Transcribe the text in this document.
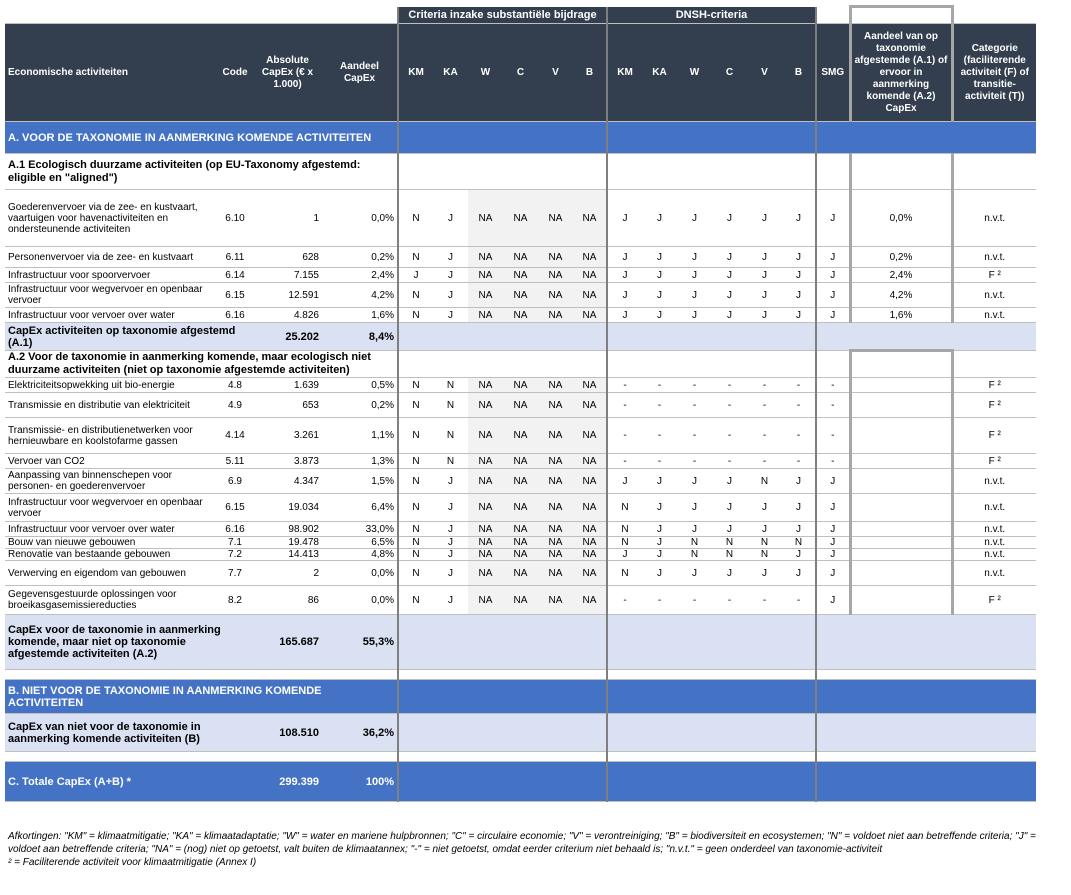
				Criteria inzake substantiële bijdrage						DNSH-criteria								
Economische activiteiten	Code	Absolute CapEx (€ x 1.000)	Aandeel CapEx	KM	KA	W	C	V	B	KM	KA	W	C	V	B	SMG	Aandeel van op taxonomie afgestemde (A.1) of ervoor in aanmerking komende (A.2) CapEx	Categorie (faciliterende activiteit (F) of transitie-activiteit (T))
A. VOOR DE TAXONOMIE IN AANMERKING KOMENDE ACTIVITEITEN																		
A.1 Ecologisch duurzame activiteiten (op EU-Taxonomy afgestemd: eligible en "aligned")																		
Goederenvervoer via de zee- en kustvaart, vaartuigen voor havenactiviteiten en ondersteunende activiteiten	6.10	1	0,0%	N	J	NA	NA	NA	NA	J	J	J	J	J	J	J	0,0%	n.v.t.
Personenvervoer via de zee- en kustvaart	6.11	628	0,2%	N	J	NA	NA	NA	NA	J	J	J	J	J	J	J	0,2%	n.v.t.
Infrastructuur voor spoorvervoer	6.14	7.155	2,4%	J	J	NA	NA	NA	NA	J	J	J	J	J	J	J	2,4%	F ²
Infrastructuur voor wegvervoer en openbaar vervoer	6.15	12.591	4,2%	N	J	NA	NA	NA	NA	J	J	J	J	J	J	J	4,2%	n.v.t.
Infrastructuur voor vervoer over water	6.16	4.826	1,6%	N	J	NA	NA	NA	NA	J	J	J	J	J	J	J	1,6%	n.v.t.
CapEx activiteiten op taxonomie afgestemd (A.1)		25.202	8,4%															
A.2 Voor de taxonomie in aanmerking komende, maar ecologisch niet duurzame activiteiten (niet op taxonomie afgestemde activiteiten)																		
Elektriciteitsopwekking uit bio-energie	4.8	1.639	0,5%	N	N	NA	NA	NA	NA	-	-	-	-	-	-	-		F ²
Transmissie en distributie van elektriciteit	4.9	653	0,2%	N	N	NA	NA	NA	NA	-	-	-	-	-	-	-		F ²
Transmissie- en distributienetwerken voor hernieuwbare en koolstofarme gassen	4.14	3.261	1,1%	N	N	NA	NA	NA	NA	-	-	-	-	-	-	-		F ²
Vervoer van CO2	5.11	3.873	1,3%	N	N	NA	NA	NA	NA	-	-	-	-	-	-	-		F ²
Aanpassing van binnenschepen voor personen- en goederenvervoer	6.9	4.347	1,5%	N	J	NA	NA	NA	NA	J	J	J	J	N	J	J		n.v.t.
Infrastructuur voor wegvervoer en openbaar vervoer	6.15	19.034	6,4%	N	J	NA	NA	NA	NA	N	J	J	J	J	J	J		n.v.t.
Infrastructuur voor vervoer over water	6.16	98.902	33,0%	N	J	NA	NA	NA	NA	N	J	J	J	J	J	J		n.v.t.
Bouw van nieuwe gebouwen	7.1	19.478	6,5%	N	J	NA	NA	NA	NA	N	J	N	N	N	N	J		n.v.t.
Renovatie van bestaande gebouwen	7.2	14.413	4,8%	N	J	NA	NA	NA	NA	J	J	N	N	N	J	J		n.v.t.
Verwerving en eigendom van gebouwen	7.7	2	0,0%	N	J	NA	NA	NA	NA	N	J	J	J	J	J	J		n.v.t.
Gegevensgestuurde oplossingen voor broeikasgasemissiereducties	8.2	86	0,0%	N	J	NA	NA	NA	NA	-	-	-	-	-	-	J		F ²
CapEx voor de taxonomie in aanmerking komende, maar niet op taxonomie afgestemde activiteiten (A.2)		165.687	55,3%															

B. NIET VOOR DE TAXONOMIE IN AANMERKING KOMENDE ACTIVITEITEN																		
CapEx van niet voor de taxonomie in aanmerking komende activiteiten (B)		108.510	36,2%															

C. Totale CapEx (A+B) *		299.399	100%															

Afkortingen: "KM" = klimaatmitigatie; "KA" = klimaatadaptatie; "W" = water en mariene hulpbronnen; "C" = circulaire economie; "V" = verontreiniging; "B" = biodiversiteit en ecosystemen; "N" = voldoet niet aan betreffende criteria; "J" = voldoet aan betreffende criteria; "NA" = (nog) niet op getoetst, valt buiten de klimaatannex; "-" = niet getoetst, omdat eerder criterium niet behaald is; "n.v.t." = geen onderdeel van taxonomie-activiteit

² = Faciliterende activiteit voor klimaatmitigatie (Annex I)
